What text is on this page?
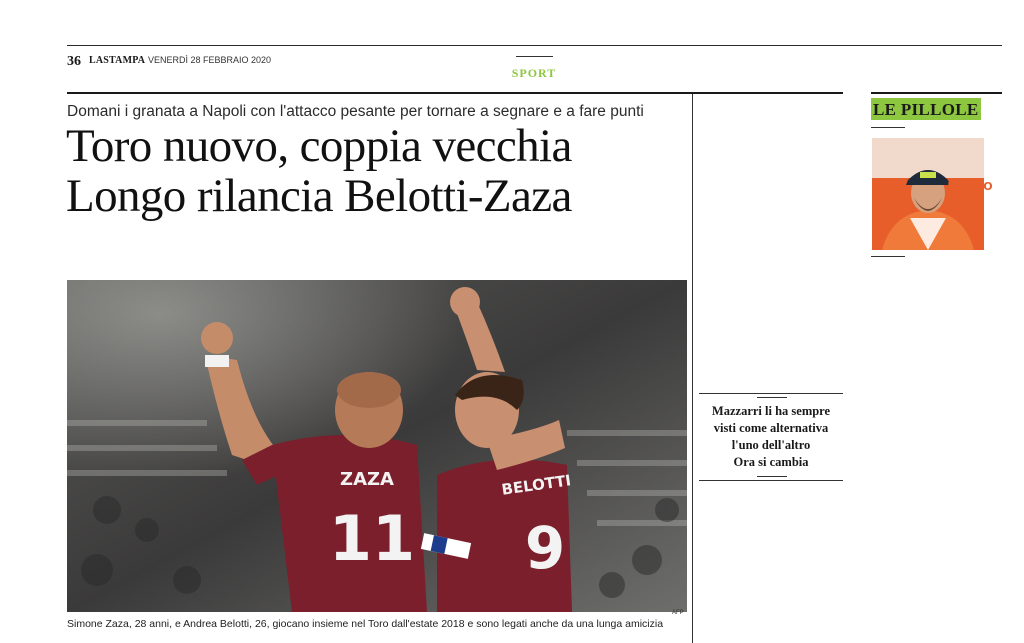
36 LASTAMPA VENERDÌ 28 FEBBRAIO 2020
SPORT
Domani i granata a Napoli con l'attacco pesante per tornare a segnare e a fare punti
Toro nuovo, coppia vecchia
Longo rilancia Belotti-Zaza
ZAZA
11
BELOTTI
9
AFP
Simone Zaza, 28 anni, e Andrea Belotti, 26, giocano insieme nel Toro dall'estate 2018 e sono legati anche da una lunga amicizia
Mazzarri li ha sempre
visti come alternativa
l'uno dell'altro
Ora si cambia
LE PILLOLE
UAE TO
